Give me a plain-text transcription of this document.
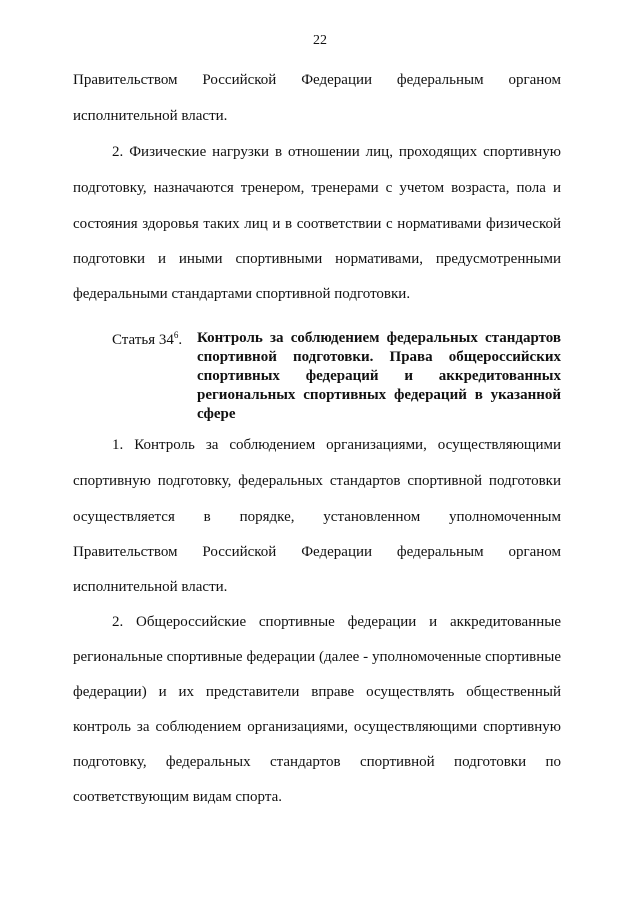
22
Правительством Российской Федерации федеральным органом
исполнительной власти.
2. Физические нагрузки в отношении лиц, проходящих спортивную
подготовку, назначаются тренером, тренерами с учетом возраста, пола и
состояния здоровья таких лиц и в соответствии с нормативами физической
подготовки и иными спортивными нормативами, предусмотренными
федеральными стандартами спортивной подготовки.
Статья $34^6$. Контроль за соблюдением федеральных стандартов
спортивной подготовки. Права общероссийских
спортивных федераций и аккредитованных
региональных спортивных федераций в указанной
сфере
1. Контроль за соблюдением организациями, осуществляющими
спортивную подготовку, федеральных стандартов спортивной подготовки
осуществляется в порядке, установленном уполномоченным
Правительством Российской Федерации федеральным органом
исполнительной власти.
2. Общероссийские спортивные федерации и аккредитованные
региональные спортивные федерации (далее - уполномоченные спортивные
федерации) и их представители вправе осуществлять общественный
контроль за соблюдением организациями, осуществляющими спортивную
подготовку, федеральных стандартов спортивной подготовки по
соответствующим видам спорта.
